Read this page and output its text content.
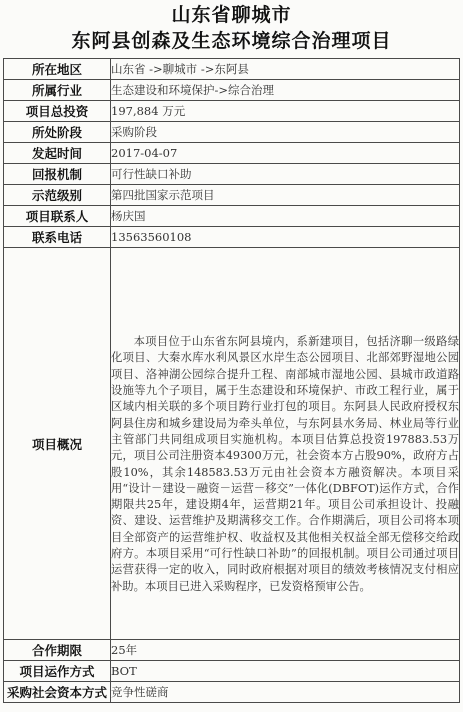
山东省聊城市
东阿县创森及生态环境综合治理项目
所在地区	山东省 ->聊城市 ->东阿县
所属行业	生态建设和环境保护->综合治理
项目总投资	197,884 万元
所处阶段	采购阶段
发起时间	2017-04-07
回报机制	可行性缺口补助
示范级别	第四批国家示范项目
项目联系人	杨庆国
联系电话	13563560108
项目概况	本项目位于山东省东阿县境内，系新建项目，包括济聊一级路绿化项目、大秦水库水利风景区水岸生态公园项目、北部郊野湿地公园项目、洛神湖公园综合提升工程、南部城市湿地公园、县城市政道路设施等九个子项目，属于生态建设和环境保护、市政工程行业，属于区域内相关联的多个项目跨行业打包的项目。东阿县人民政府授权东阿县住房和城乡建设局为牵头单位，与东阿县水务局、林业局等行业主管部门共同组成项目实施机构。本项目估算总投资197883.53万元，项目公司注册资本49300万元，社会资本方占股90%，政府方占股10%，其余148583.53万元由社会资本方融资解决。本项目采用“设计－建设－融资－运营－移交”一体化(DBFOT)运作方式，合作期限共25年，建设期4年，运营期21年。项目公司承担设计、投融资、建设、运营维护及期满移交工作。合作期满后，项目公司将本项目全部资产的运营维护权、收益权及其他相关权益全部无偿移交给政府方。本项目采用“可行性缺口补助”的回报机制。项目公司通过项目运营获得一定的收入，同时政府根据对项目的绩效考核情况支付相应补助。本项目已进入采购程序，已发资格预审公告。

合作期限	25年
项目运作方式	BOT
采购社会资本方式	竞争性磋商
